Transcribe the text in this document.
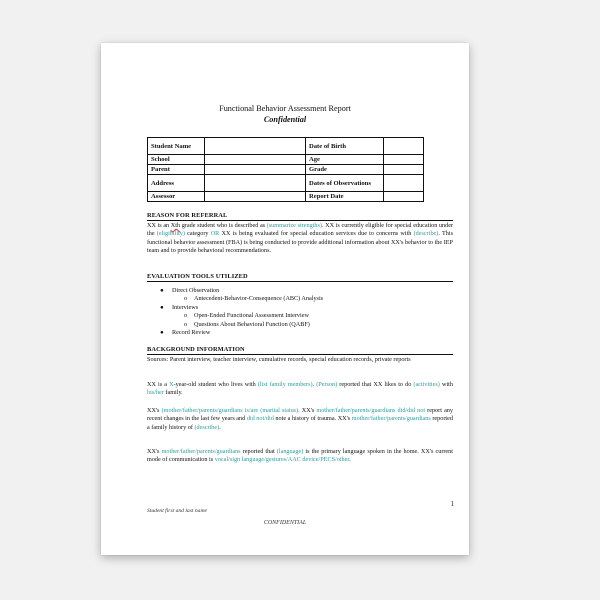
Functional Behavior Assessment Report
Confidential
Student Name		Date of Birth	
School		Age	
Parent		Grade	
Address		Dates of Observations	
Assessor		Report Date	
REASON FOR REFERRAL
XX is an Xth grade student who is described as (summarize strengths). XX is currently eligible for special education under the (eligibility) category OR XX is being evaluated for special education services due to concerns with (describe). This functional behavior assessment (FBA) is being conducted to provide additional information about XX's behavior to the IEP team and to provide behavioral recommendations.
EVALUATION TOOLS UTILIZED
● Direct Observation
o Antecedent-Behavior-Consequence (ABC) Analysis
● Interviews
o Open-Ended Functional Assessment Interview
o Questions About Behavioral Function (QABF)
● Record Review
BACKGROUND INFORMATION
Sources: Parent interview, teacher interview, cumulative records, special education records, private reports
XX is a X-year-old student who lives with (list family members). (Person) reported that XX likes to do (activities) with his/her family.
XX's (mother/father/parents/guardians is/are (marital status). XX's mother/father/parents/guardians did/did not report any recent changes in the last few years and did not/did note a history of trauma. XX's mother/father/parents/guardians reported a family history of (describe).
XX's mother/father/parents/guardians reported that (language) is the primary language spoken in the home. XX's current mode of communication is vocal/sign language/gestures/AAC device/PECS/other.
1
Student first and last name
CONFIDENTIAL
